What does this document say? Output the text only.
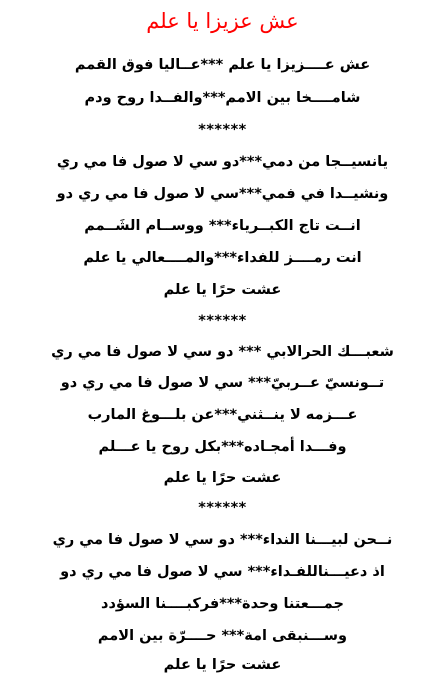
عش عزيزا يا علم
عش عــــزيزا يا علم ***عــاليا فوق القمم
شامــــخا بين الامم***والفــدا روح ودم
******
يانسيــجا من دمي***دو سي لا صول فا مي ري
ونشيــدا في فمي***سي لا صول فا مي ري دو
انــت تاج الكبــرياء*** ووســام الشَــمم
انت رمــــز للفداء***والمــــعالي يا علم
عشت حرًا يا علم
******
شعبـــك الحرالابي *** دو سي لا صول فا مي ري
تــونسيّ عــربيّ*** سي لا صول فا مي ري دو
عـــزمه لا ينــثني***عن بلـــوغ المارب
وفـــدا أمجـاده***بكل روح يا عـــلم
عشت حرًا يا علم
******
نــحن لبيـــنا النداء*** دو سي لا صول فا مي ري
اذ دعيـــناللفـداء*** سي لا صول فا مي ري دو
جمـــعتنا وحدة***فركبــــنا السؤدد
وســـنبقى امة*** حــــرّة بين الامم
عشت حرًا يا علم
